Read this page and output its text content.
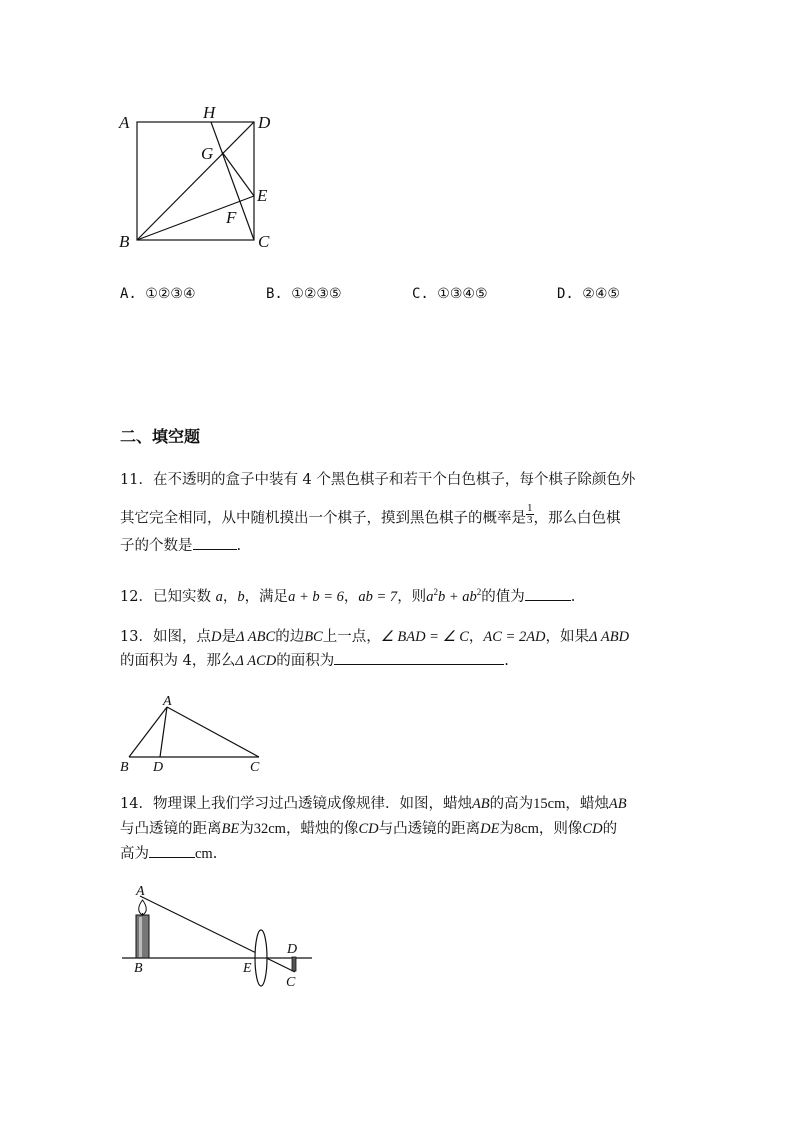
A
H
D
G
E
F
B	C
A. ①②③④	B. ①②③⑤	C. ①③④⑤	D. ②④⑤
二、填空题
11．在不透明的盒子中装有 4 个黑色棋子和若干个白色棋子，每个棋子除颜色外
其它完全相同，从中随机摸出一个棋子，摸到黑色棋子的概率是 $\frac{1}{3}$ ，那么白色棋
子的个数是	.
12．已知实数 a，b，满足a + b = 6，ab = 7，则$a^2b + ab^2$的值为	.
13．如图，点D是Δ ABC的边BC上一点，∠ BAD = ∠ C，AC = 2AD，如果Δ ABD
的面积为 4，那么Δ ACD的面积为	.
A
B D	C
14．物理课上我们学习过凸透镜成像规律．如图，蜡烛AB的高为15cm，蜡烛AB
与凸透镜的距离BE为32cm，蜡烛的像CD与凸透镜的距离DE为8cm，则像CD的
高为	cm.
A
B	E
D
C
